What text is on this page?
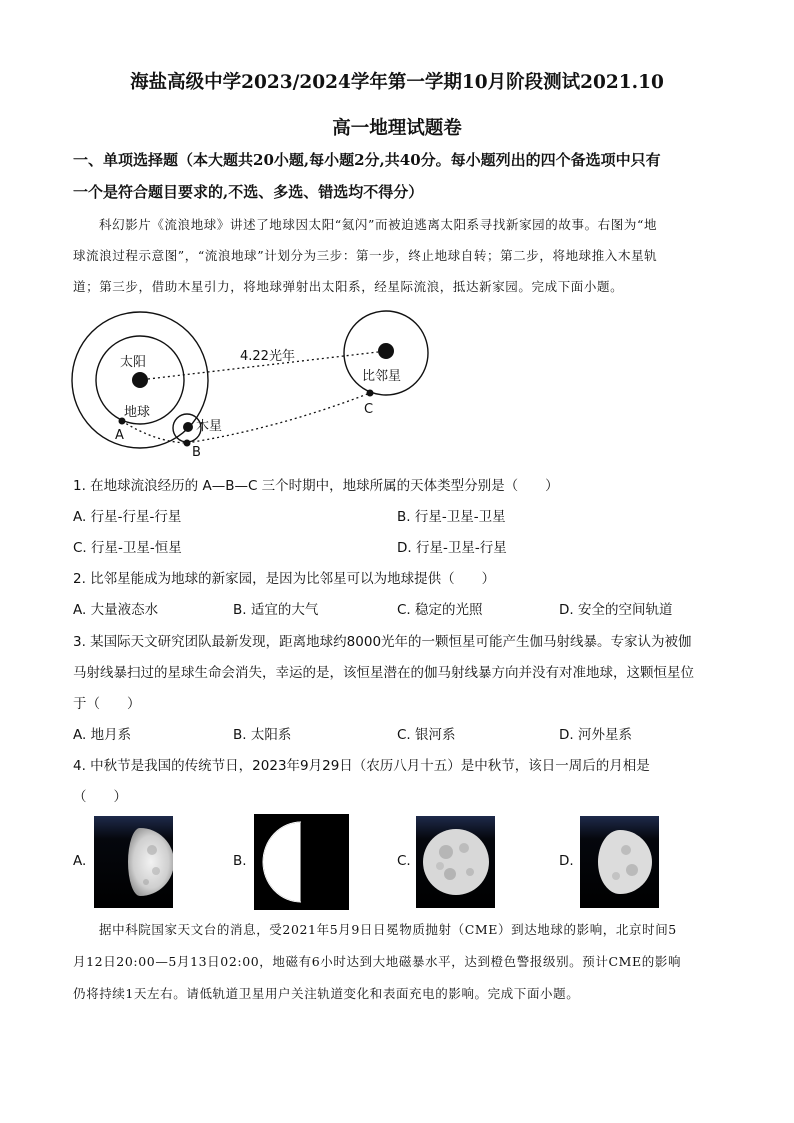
海盐高级中学2023/2024学年第一学期10月阶段测试2021.10
高一地理试题卷
一、单项选择题（本大题共20小题,每小题2分,共40分。每小题列出的四个备选项中只有
一个是符合题目要求的,不选、多选、错选均不得分）
科幻影片《流浪地球》讲述了地球因太阳“氦闪”而被迫逃离太阳系寻找新家园的故事。右图为“地
球流浪过程示意图”，“流浪地球”计划分为三步：第一步，终止地球自转；第二步，将地球推入木星轨
道；第三步，借助木星引力，将地球弹射出太阳系，经星际流浪，抵达新家园。完成下面小题。
太阳
地球
木星
比邻星
4.22光年
A
B
C
1. 在地球流浪经历的 A—B—C 三个时期中，地球所属的天体类型分别是（　　）
A. 行星-行星-行星	B. 行星-卫星-卫星
C. 行星-卫星-恒星	D. 行星-卫星-行星
2. 比邻星能成为地球的新家园，是因为比邻星可以为地球提供（　　）
A. 大量液态水	B. 适宜的大气	C. 稳定的光照	D. 安全的空间轨道
3. 某国际天文研究团队最新发现，距离地球约8000光年的一颗恒星可能产生伽马射线暴。专家认为被伽
马射线暴扫过的星球生命会消失，幸运的是，该恒星潜在的伽马射线暴方向并没有对准地球，这颗恒星位
于（　　）
A. 地月系	B. 太阳系	C. 银河系	D. 河外星系
4. 中秋节是我国的传统节日，2023年9月29日（农历八月十五）是中秋节，该日一周后的月相是
（　　）
A.	B.	C.	D.
据中科院国家天文台的消息，受2021年5月9日日冕物质抛射（CME）到达地球的影响，北京时间5
月12日20:00—5月13日02:00，地磁有6小时达到大地磁暴水平，达到橙色警报级别。预计CME的影响
仍将持续1天左右。请低轨道卫星用户关注轨道变化和表面充电的影响。完成下面小题。
